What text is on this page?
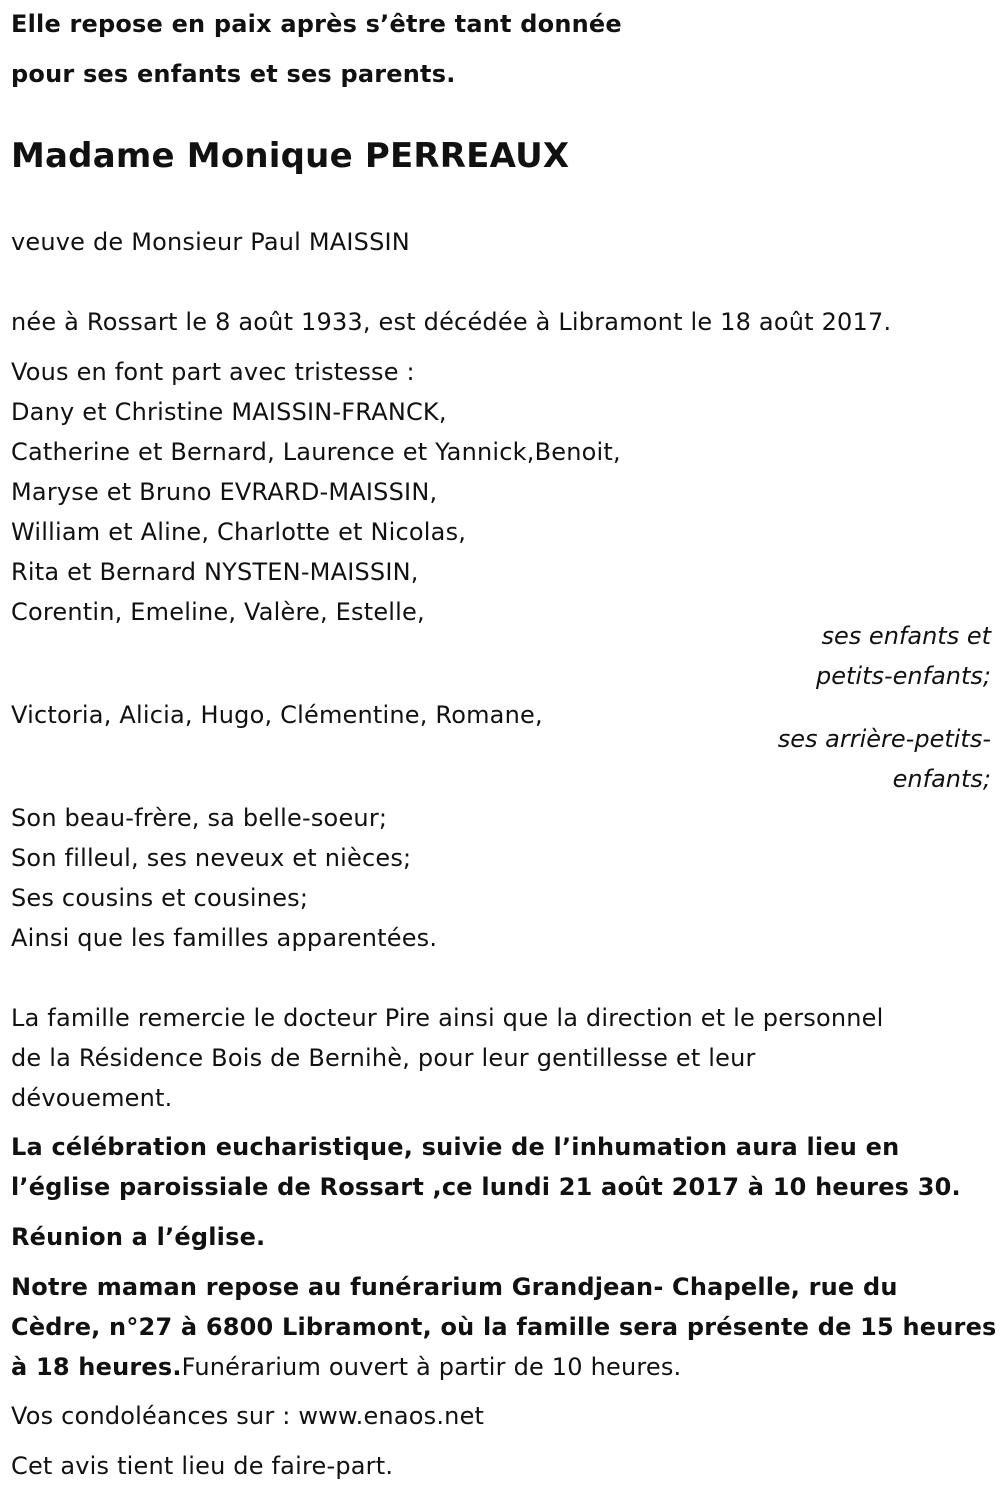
Elle repose en paix après s’être tant donnée
pour ses enfants et ses parents.
Madame Monique PERREAUX
veuve de Monsieur Paul MAISSIN
née à Rossart le 8 août 1933, est décédée à Libramont le 18 août 2017.
Vous en font part avec tristesse :
Dany et Christine MAISSIN-FRANCK,
Catherine et Bernard, Laurence et Yannick,Benoit,
Maryse et Bruno EVRARD-MAISSIN,
William et Aline, Charlotte et Nicolas,
Rita et Bernard NYSTEN-MAISSIN,
Corentin, Emeline, Valère, Estelle,
ses enfants et
petits-enfants;
Victoria, Alicia, Hugo, Clémentine, Romane,
ses arrière-petits-
enfants;
Son beau-frère, sa belle-soeur;
Son filleul, ses neveux et nièces;
Ses cousins et cousines;
Ainsi que les familles apparentées.
La famille remercie le docteur Pire ainsi que la direction et le personnel
de la Résidence Bois de Bernihè, pour leur gentillesse et leur
dévouement.
La célébration eucharistique, suivie de l’inhumation aura lieu en
l’église paroissiale de Rossart ,ce lundi 21 août 2017 à 10 heures 30.
Réunion a l’église.
Notre maman repose au funérarium Grandjean- Chapelle, rue du
Cèdre, n°27 à 6800 Libramont, où la famille sera présente de 15 heures
à 18 heures.Funérarium ouvert à partir de 10 heures.
Vos condoléances sur : www.enaos.net
Cet avis tient lieu de faire-part.
